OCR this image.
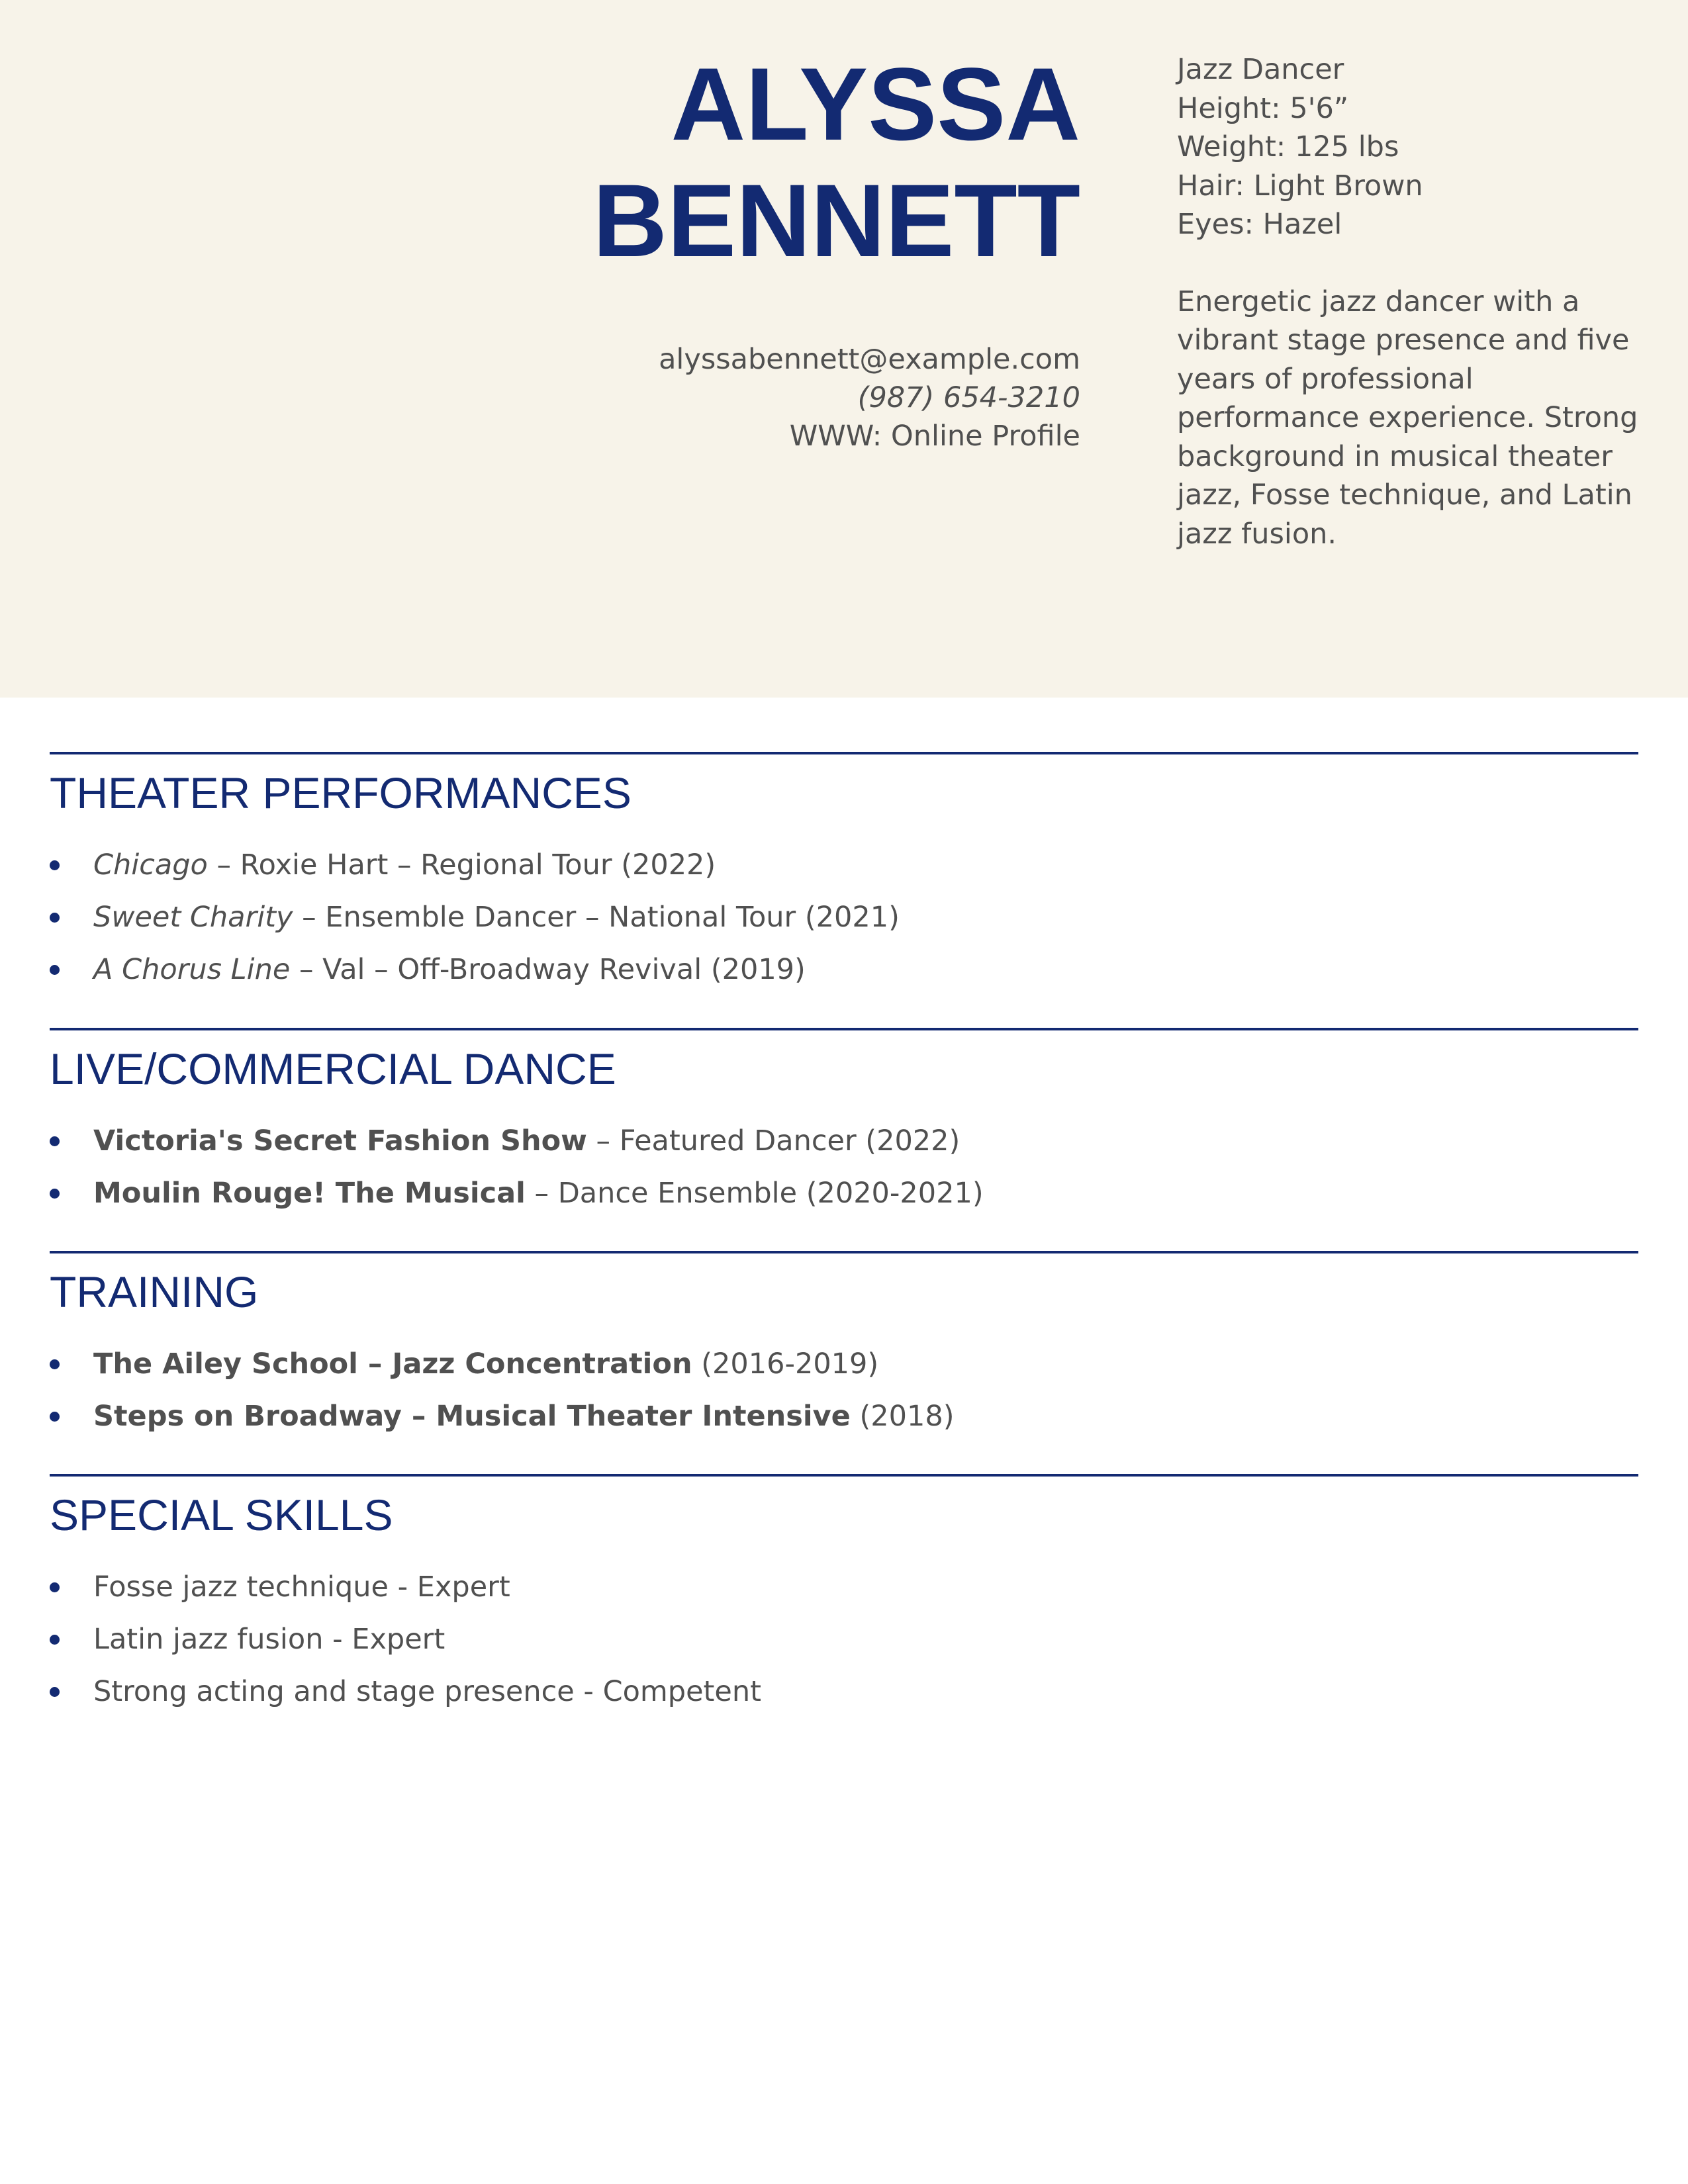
ALYSSA
BENNETT
alyssabennett@example.com
(987) 654-3210
WWW: Online Profile
Jazz Dancer
Height: 5'6”
Weight: 125 lbs
Hair: Light Brown
Eyes: Hazel
Energetic jazz dancer with a vibrant stage presence and five years of professional performance experience. Strong background in musical theater jazz, Fosse technique, and Latin jazz fusion.
THEATER PERFORMANCES
Chicago – Roxie Hart – Regional Tour (2022)
Sweet Charity – Ensemble Dancer – National Tour (2021)
A Chorus Line – Val – Off-Broadway Revival (2019)
LIVE/COMMERCIAL DANCE
Victoria's Secret Fashion Show – Featured Dancer (2022)
Moulin Rouge! The Musical – Dance Ensemble (2020-2021)
TRAINING
The Ailey School – Jazz Concentration (2016-2019)
Steps on Broadway – Musical Theater Intensive (2018)
SPECIAL SKILLS
Fosse jazz technique - Expert
Latin jazz fusion - Expert
Strong acting and stage presence - Competent
